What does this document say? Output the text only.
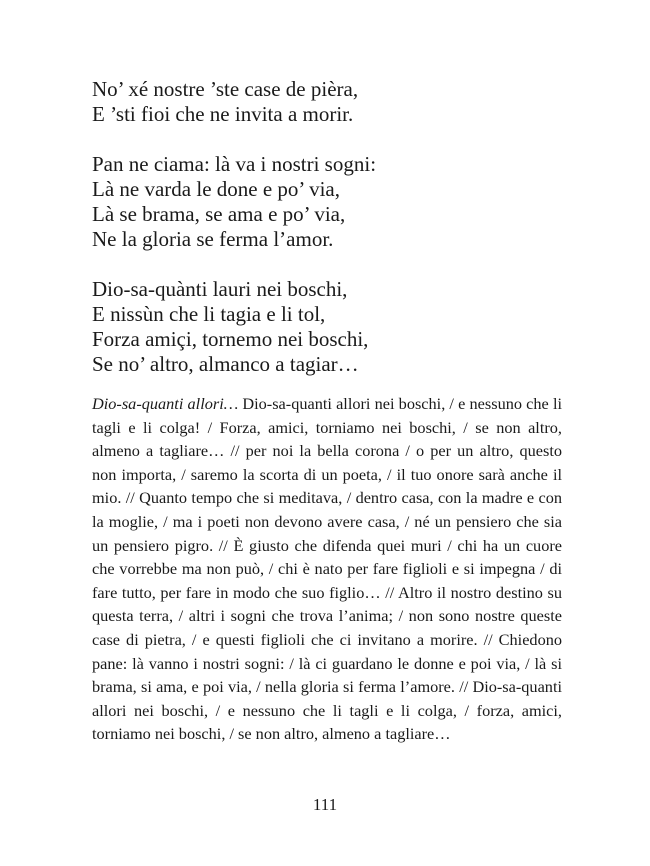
No’ xé nostre ’ste case de pièra,
E ’sti fioi che ne invita a morir.
Pan ne ciama: là va i nostri sogni:
Là ne varda le done e po’ via,
Là se brama, se ama e po’ via,
Ne la gloria se ferma l’amor.
Dio-sa-quànti lauri nei boschi,
E nissùn che li tagia e li tol,
Forza amiçi, tornemo nei boschi,
Se no’ altro, almanco a tagiar…
Dio-sa-quanti allori… Dio-sa-quanti allori nei boschi, / e nessuno che li tagli e li colga! / Forza, amici, torniamo nei boschi, / se non altro, almeno a tagliare… // per noi la bella corona / o per un altro, questo non importa, / saremo la scorta di un poeta, / il tuo onore sarà anche il mio. // Quanto tempo che si meditava, / dentro casa, con la madre e con la moglie, / ma i poeti non devono avere casa, / né un pensiero che sia un pensiero pigro. // È giusto che difenda quei muri / chi ha un cuore che vorrebbe ma non può, / chi è nato per fare figlioli e si impegna / di fare tutto, per fare in modo che suo figlio… // Altro il nostro destino su questa terra, / altri i sogni che trova l’anima; / non sono nostre queste case di pietra, / e questi figlioli che ci invitano a morire. // Chiedono pane: là vanno i nostri sogni: / là ci guardano le donne e poi via, / là si brama, si ama, e poi via, / nella gloria si ferma l’amore. // Dio-sa-quanti allori nei boschi, / e nessuno che li tagli e li colga, / forza, amici, torniamo nei boschi, / se non altro, almeno a tagliare…
111
